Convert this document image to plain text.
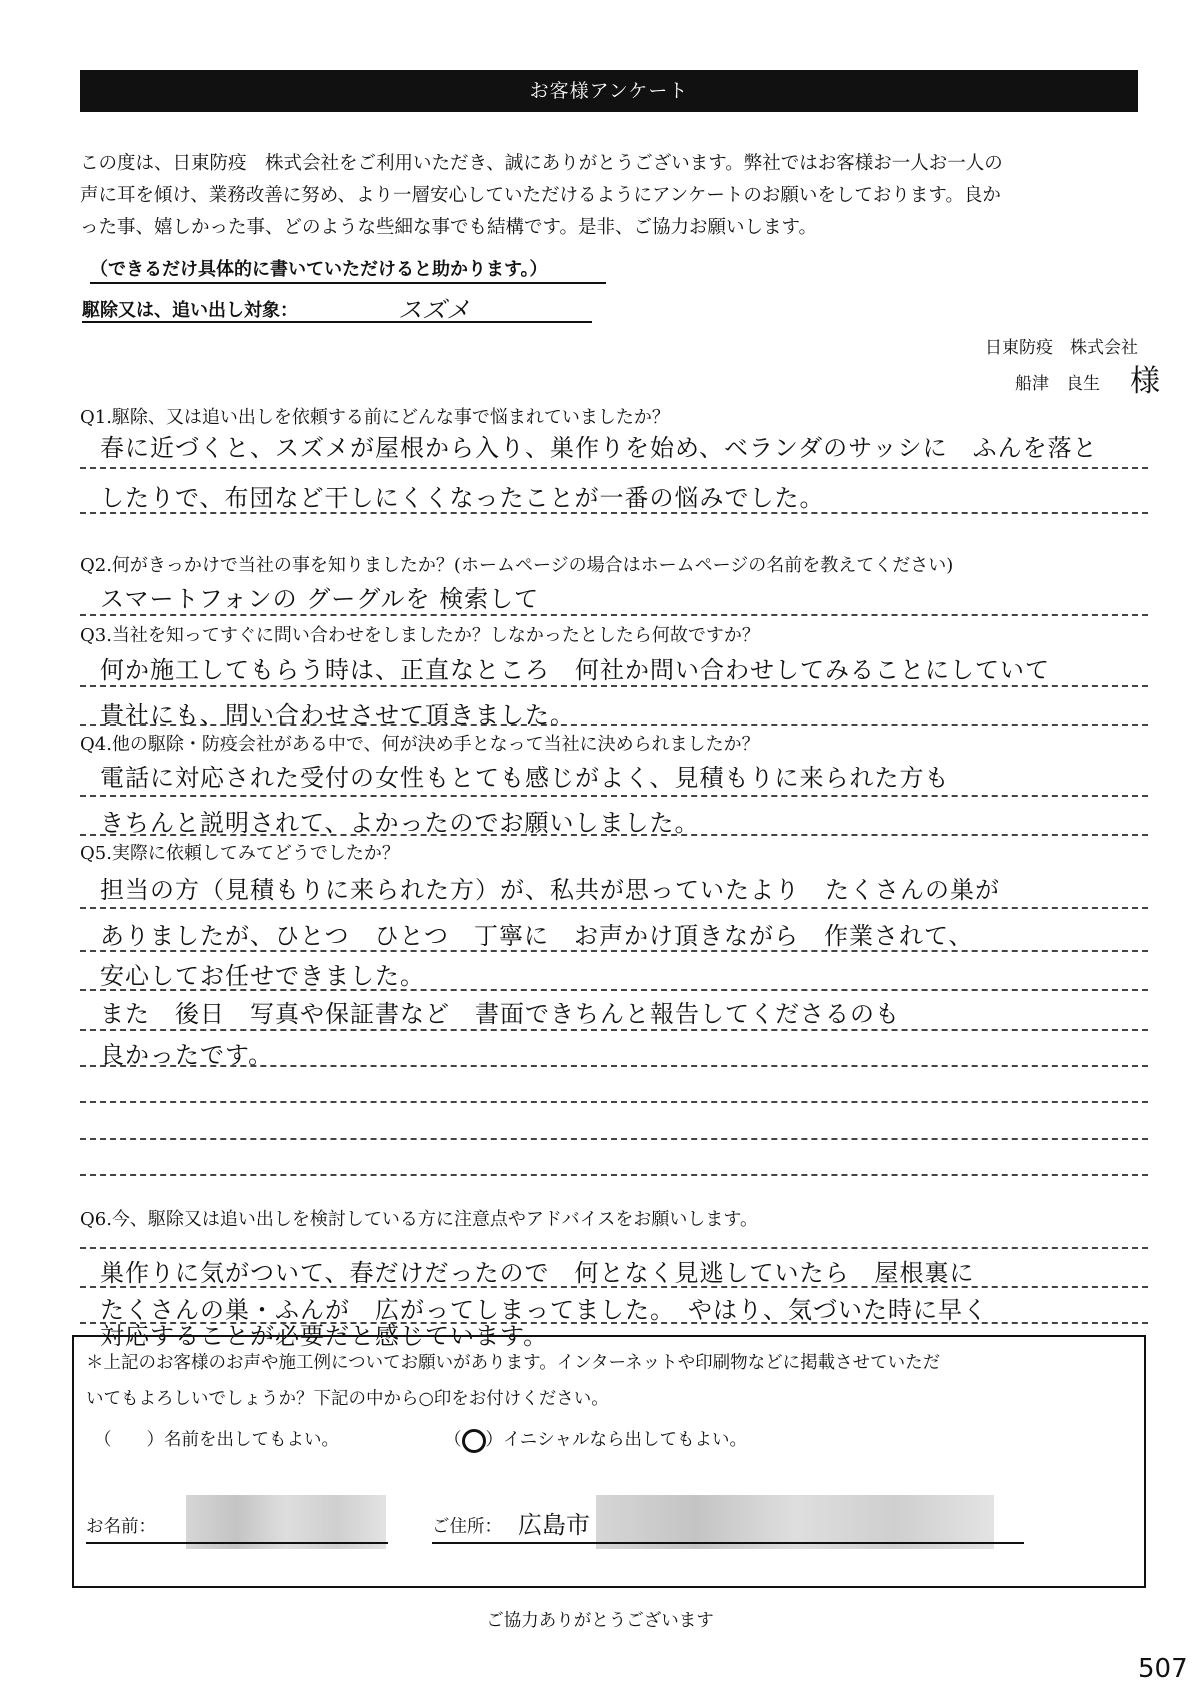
お客様アンケート

この度は、日東防疫　株式会社をご利用いただき、誠にありがとうございます。弊社ではお客様お一人お一人の

声に耳を傾け、業務改善に努め、より一層安心していただけるようにアンケートのお願いをしております。良か

った事、嬉しかった事、どのような些細な事でも結構です。是非、ご協力お願いします。

（できるだけ具体的に書いていただけると助かります。）
駆除又は、追い出し対象：	スズメ
日東防疫　株式会社
船津　良生 様
Q1.駆除、又は追い出しを依頼する前にどんな事で悩まれていましたか？
春に近づくと、スズメが屋根から入り、巣作りを始め、ベランダのサッシに　ふんを落と
したりで、布団など干しにくくなったことが一番の悩みでした。
Q2.何がきっかけで当社の事を知りましたか？(ホームページの場合はホームページの名前を教えてください)
スマートフォンの グーグルを 検索して
Q3.当社を知ってすぐに問い合わせをしましたか？しなかったとしたら何故ですか？
何か施工してもらう時は、正直なところ　何社か問い合わせしてみることにしていて
貴社にも、問い合わせさせて頂きました。
Q4.他の駆除・防疫会社がある中で、何が決め手となって当社に決められましたか？
電話に対応された受付の女性もとても感じがよく、見積もりに来られた方も
きちんと説明されて、よかったのでお願いしました。
Q5.実際に依頼してみてどうでしたか？
担当の方（見積もりに来られた方）が、私共が思っていたより　たくさんの巣が
ありましたが、ひとつ　ひとつ　丁寧に　お声かけ頂きながら　作業されて、
安心してお任せできました。
また　後日　写真や保証書など　書面できちんと報告してくださるのも
良かったです。
Q6.今、駆除又は追い出しを検討している方に注意点やアドバイスをお願いします。
巣作りに気がついて、春だけだったので　何となく見逃していたら　屋根裏に
たくさんの巣・ふんが　広がってしまってました。　やはり、気づいた時に早く
対応することが必要だと感じています。
＊上記のお客様のお声や施工例についてお願いがあります。インターネットや印刷物などに掲載させていただ
いてもよろしいでしょうか？下記の中から○印をお付けください。
（　　）名前を出してもよい。	（ ）イニシャルなら出してもよい。
お名前：	ご住所： 広島市
ご協力ありがとうございます
507
